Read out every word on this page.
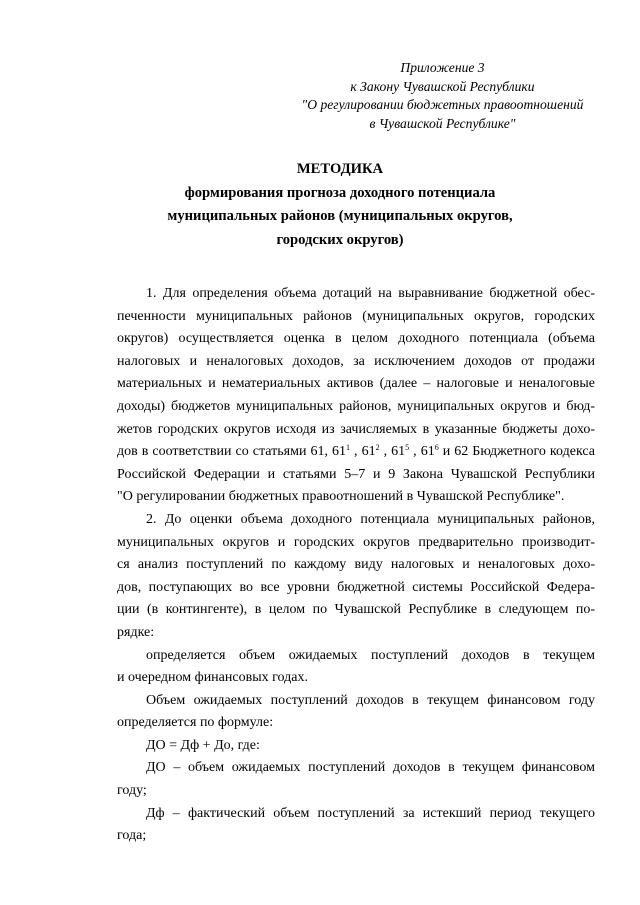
Приложение 3
к Закону Чувашской Республики
"О регулировании бюджетных правоотношений
в Чувашской Республике"
МЕТОДИКА
формирования прогноза доходного потенциала
муниципальных районов (муниципальных округов,
городских округов)
1. Для определения объема дотаций на выравнивание бюджетной обес-
печенности муниципальных районов (муниципальных округов, городских
округов) осуществляется оценка в целом доходного потенциала (объема
налоговых и неналоговых доходов, за исключением доходов от продажи
материальных и нематериальных активов (далее – налоговые и неналоговые
доходы) бюджетов муниципальных районов, муниципальных округов и бюд-
жетов городских округов исходя из зачисляемых в указанные бюджеты дохо-
дов в соответствии со статьями 61, $61^1$ , $61^2$ , $61^5$ , $61^6$ и 62 Бюджетного кодекса
Российской Федерации и статьями 5–7 и 9 Закона Чувашской Республики
"О регулировании бюджетных правоотношений в Чувашской Республике".
2. До оценки объема доходного потенциала муниципальных районов,
муниципальных округов и городских округов предварительно производит-
ся анализ поступлений по каждому виду налоговых и неналоговых дохо-
дов, поступающих во все уровни бюджетной системы Российской Федера-
ции (в контингенте), в целом по Чувашской Республике в следующем по-
рядке:
определяется объем ожидаемых поступлений доходов в текущем
и очередном финансовых годах.
Объем ожидаемых поступлений доходов в текущем финансовом году
определяется по формуле:
ДО = Дф + До, где:
ДО – объем ожидаемых поступлений доходов в текущем финансовом
году;
Дф – фактический объем поступлений за истекший период текущего
года;
